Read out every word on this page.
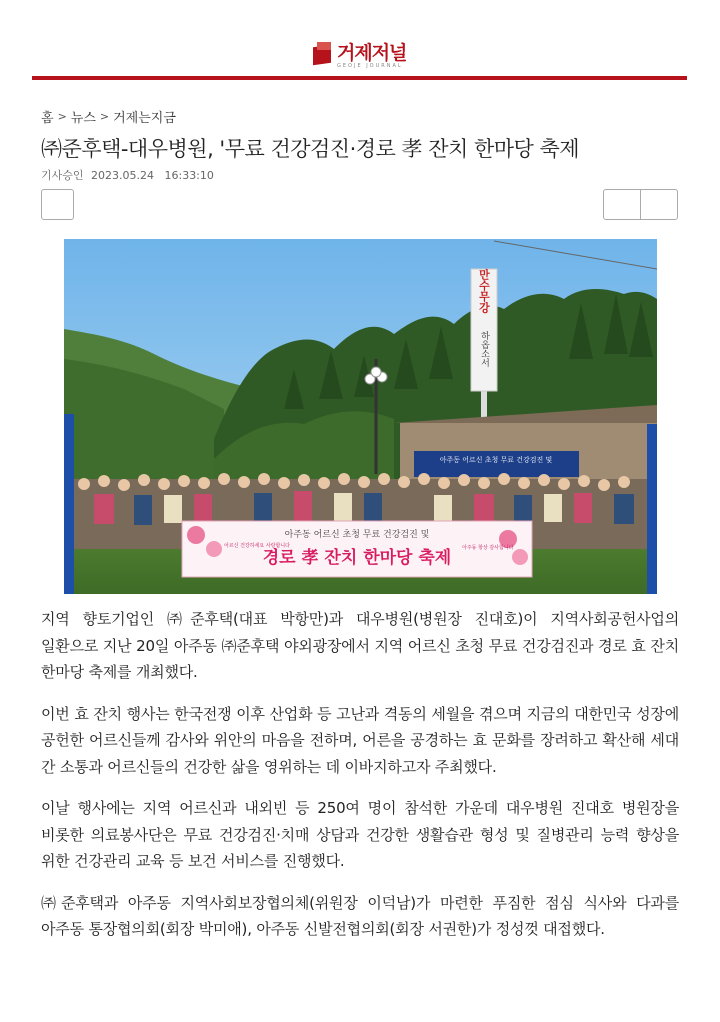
거제저널
GEOJE JOURNAL
홈 > 뉴스 > 거제는지금
㈜준후택-대우병원, '무료 건강검진·경로 孝 잔치 한마당 축제
기사승인 2023.05.24   16:33:10
만수무강
하옵소서
아주동 어르신 초청 무료 건강검진 및
아주동 어르신 초청 무료 건강검진 및
경로 孝 잔치 한마당 축제
어르신 건강하세요 사랑합니다	아주동 항상 감사합니다

지역 향토기업인 ㈜준후택(대표 박항만)과 대우병원(병원장 진대호)이 지역사회공헌사업의 일환으로 지난 20일 아주동 ㈜준후택 야외광장에서 지역 어르신 초청 무료 건강검진과 경로 효 잔치 한마당 축제를 개최했다.

이번 효 잔치 행사는 한국전쟁 이후 산업화 등 고난과 격동의 세월을 겪으며 지금의 대한민국 성장에 공헌한 어르신들께 감사와 위안의 마음을 전하며, 어른을 공경하는 효 문화를 장려하고 확산해 세대 간 소통과 어르신들의 건강한 삶을 영위하는 데 이바지하고자 주최했다.

이날 행사에는 지역 어르신과 내외빈 등 250여 명이 참석한 가운데 대우병원 진대호 병원장을 비롯한 의료봉사단은 무료 건강검진·치매 상담과 건강한 생활습관 형성 및 질병관리 능력 향상을 위한 건강관리 교육 등 보건 서비스를 진행했다.

㈜준후택과 아주동 지역사회보장협의체(위원장 이덕남)가 마련한 푸짐한 점심 식사와 다과를 아주동 통장협의회(회장 박미애), 아주동 신발전협의회(회장 서권한)가 정성껏 대접했다.
